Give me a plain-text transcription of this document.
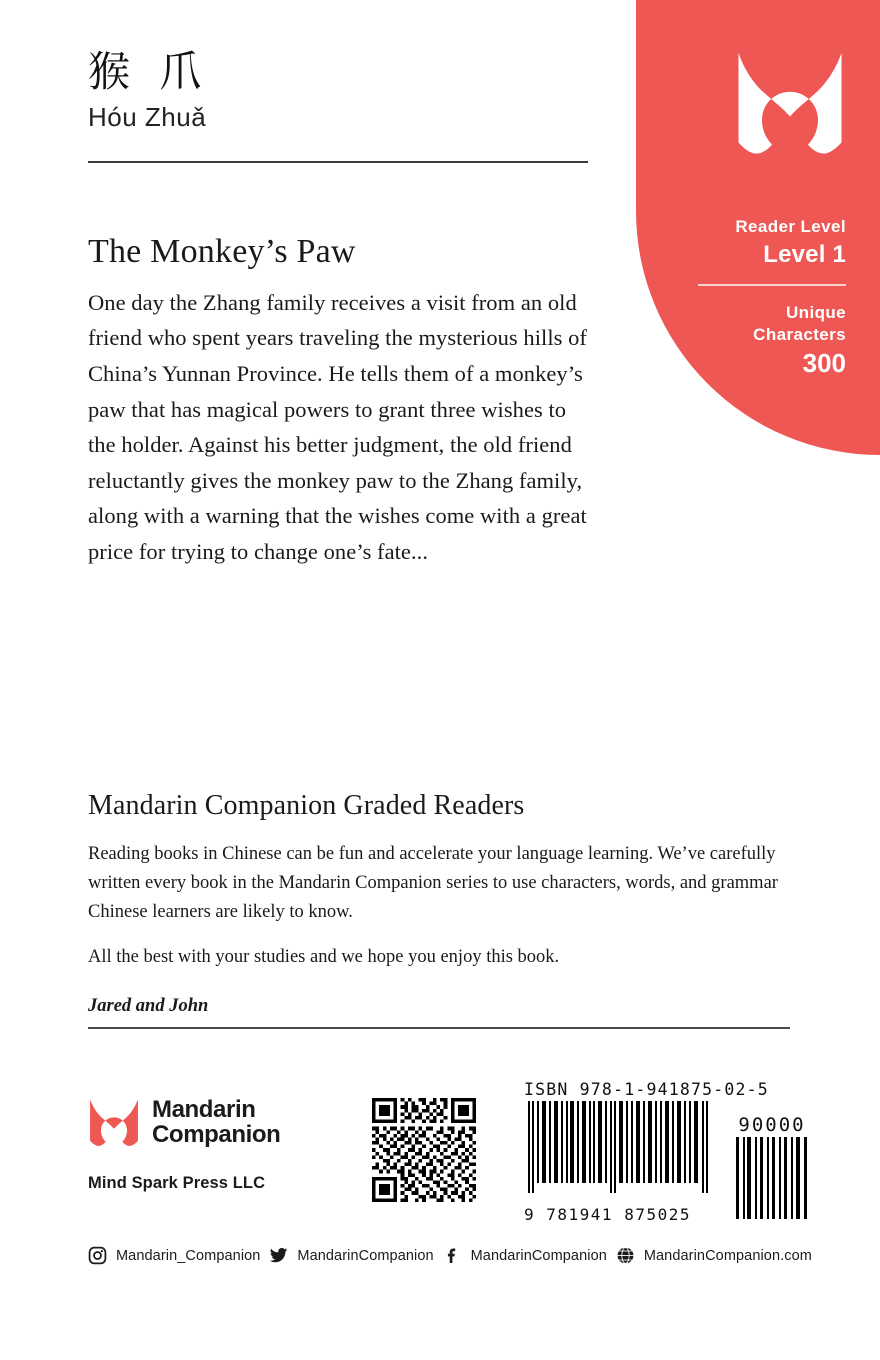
Reader Level
Level 1
Unique
Characters
300
猴 爪
Hóu Zhuǎ
The Monkey’s Paw

One day the Zhang family receives a visit from an old friend who spent years traveling the mysterious hills of China’s Yunnan Province. He tells them of a monkey’s paw that has magical powers to grant three wishes to the holder. Against his better judgment, the old friend reluctantly gives the monkey paw to the Zhang family, along with a warning that the wishes come with a great price for trying to change one’s fate...

Mandarin Companion Graded Readers

Reading books in Chinese can be fun and accelerate your language learning. We’ve carefully written every book in the Mandarin Companion series to use characters, words, and grammar Chinese learners are likely to know.

All the best with your studies and we hope you enjoy this book.

Jared and John
Mandarin
Companion
Mind Spark Press LLC
ISBN 978-1-941875-02-5
9 781941 875025
90000
Mandarin_Companion	MandarinCompanion	MandarinCompanion	MandarinCompanion.com
